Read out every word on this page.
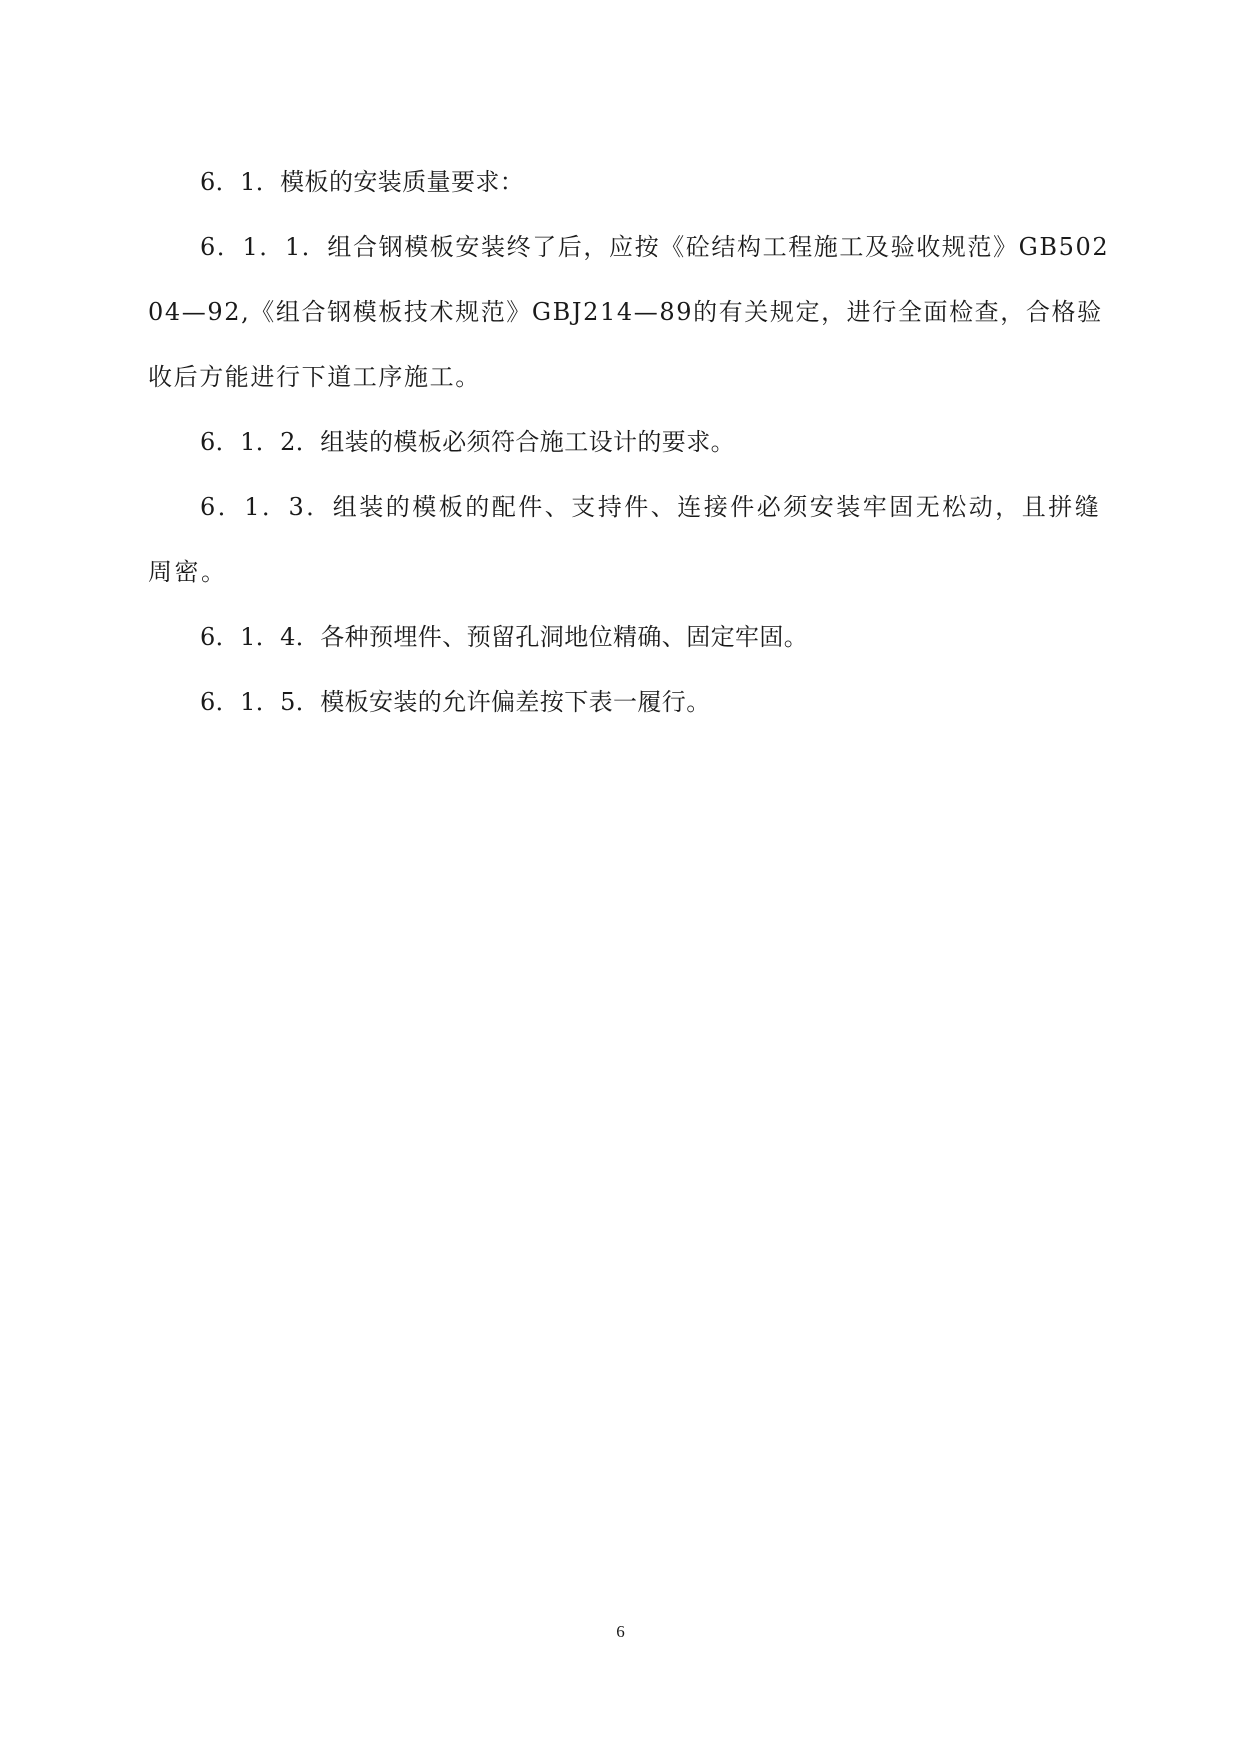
6．1．模板的安装质量要求：

6．1．1．组合钢模板安装终了后，应按《砼结构工程施工及验收规范》GB50204—92,《组合钢模板技术规范》GBJ214—89的有关规定，进行全面检查，合格验收后方能进行下道工序施工。

6．1．2．组装的模板必须符合施工设计的要求。

6．1．3．组装的模板的配件、支持件、连接件必须安装牢固无松动，且拼缝周密。

6．1．4．各种预埋件、预留孔洞地位精确、固定牢固。

6．1．5．模板安装的允许偏差按下表一履行。

6
